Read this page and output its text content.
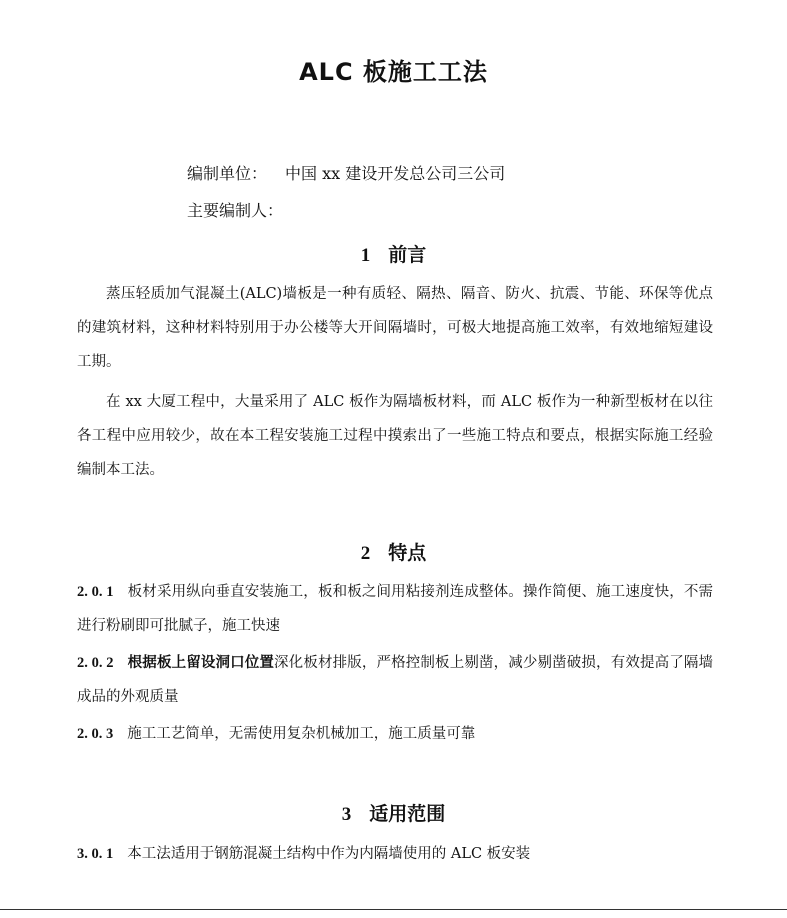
ALC 板施工工法
编制单位： 中国 xx 建设开发总公司三公司
主要编制人：
1 前言

蒸压轻质加气混凝土(ALC)墙板是一种有质轻、隔热、隔音、防火、抗震、节能、环保等优点的建筑材料，这种材料特别用于办公楼等大开间隔墙时，可极大地提高施工效率，有效地缩短建设工期。

在 xx 大厦工程中，大量采用了 ALC 板作为隔墙板材料，而 ALC 板作为一种新型板材在以往各工程中应用较少，故在本工程安装施工过程中摸索出了一些施工特点和要点，根据实际施工经验编制本工法。

2 特点

2. 0. 1 板材采用纵向垂直安装施工，板和板之间用粘接剂连成整体。操作简便、施工速度快，不需进行粉刷即可批腻子，施工快速

2. 0. 2 根据板上留设洞口位置深化板材排版，严格控制板上剔凿，减少剔凿破损，有效提高了隔墙成品的外观质量

2. 0. 3 施工工艺简单，无需使用复杂机械加工，施工质量可靠

3 适用范围

3. 0. 1 本工法适用于钢筋混凝土结构中作为内隔墙使用的 ALC 板安装
